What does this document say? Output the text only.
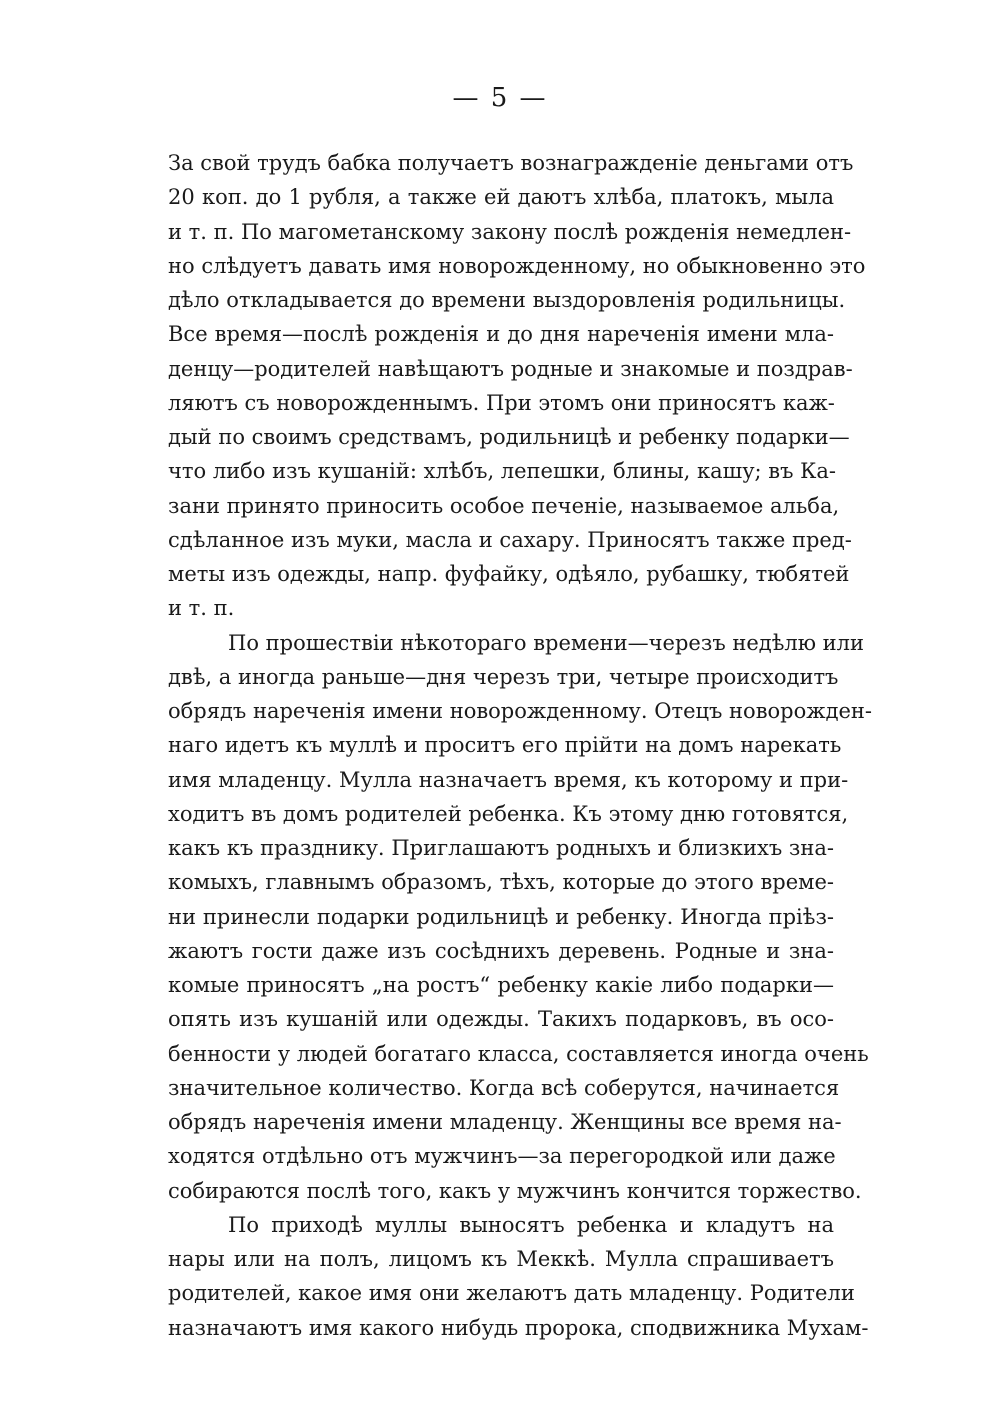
— 5 —
За свой трудъ бабка получаетъ вознагражденіе деньгами отъ
20 коп. до 1 рубля, а также ей даютъ хлѣба, платокъ, мыла
и т. п. По магометанскому закону послѣ рожденія немедлен-
но слѣдуетъ давать имя новорожденному, но обыкновенно это
дѣло откладывается до времени выздоровленія родильницы.
Все время—послѣ рожденія и до дня нареченія имени мла-
денцу—родителей навѣщаютъ родные и знакомые и поздрав-
ляютъ съ новорожденнымъ. При этомъ они приносятъ каж-
дый по своимъ средствамъ, родильницѣ и ребенку подарки—
что либо изъ кушаній: хлѣбъ, лепешки, блины, кашу; въ Ка-
зани принято приносить особое печеніе, называемое альба,
сдѣланное изъ муки, масла и сахару. Приносятъ также пред-
меты изъ одежды, напр. фуфайку, одѣяло, рубашку, тюбятей
и т. п.
По прошествіи нѣкотораго времени—черезъ недѣлю или
двѣ, а иногда раньше—дня черезъ три, четыре происходитъ
обрядъ нареченія имени новорожденному. Отецъ новорожден-
наго идетъ къ муллѣ и проситъ его прійти на домъ нарекать
имя младенцу. Мулла назначаетъ время, къ которому и при-
ходитъ въ домъ родителей ребенка. Къ этому дню готовятся,
какъ къ празднику. Приглашаютъ родныхъ и близкихъ зна-
комыхъ, главнымъ образомъ, тѣхъ, которые до этого време-
ни принесли подарки родильницѣ и ребенку. Иногда пріѣз-
жаютъ гости даже изъ сосѣднихъ деревень. Родные и зна-
комые приносятъ „на ростъ“ ребенку какіе либо подарки—
опять изъ кушаній или одежды. Такихъ подарковъ, въ осо-
бенности у людей богатаго класса, составляется иногда очень
значительное количество. Когда всѣ соберутся, начинается
обрядъ нареченія имени младенцу. Женщины все время на-
ходятся отдѣльно отъ мужчинъ—за перегородкой или даже
собираются послѣ того, какъ у мужчинъ кончится торжество.
По приходѣ муллы выносятъ ребенка и кладутъ на
нары или на полъ, лицомъ къ Меккѣ. Мулла спрашиваетъ
родителей, какое имя они желаютъ дать младенцу. Родители
назначаютъ имя какого нибудь пророка, сподвижника Мухам-
